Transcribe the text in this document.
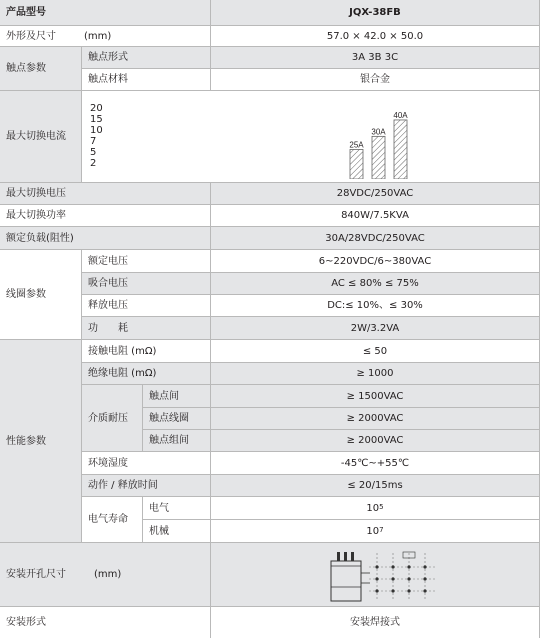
产品型号	JQX-38FB
外形及尺寸	(mm)	57.0 × 42.0 × 50.0
触点参数
触点形式	3A 3B 3C
触点材料	银合金
最大切换电流
20
15
10
7
5
2
25A
30A
40A
最大切换电压	28VDC/250VAC
最大切换功率	840W/7.5KVA
额定负载(阻性)	30A/28VDC/250VAC
线圈参数
额定电压	6~220VDC/6~380VAC
吸合电压	AC ≤ 80% ≤ 75%
释放电压	DC:≤ 10%、≤ 30%
功　　耗	2W/3.2VA
性能参数
接触电阻 (mΩ)	≤ 50
绝缘电阻 (mΩ)	≥ 1000
介质耐压
触点间	≥ 1500VAC
触点线圈	≥ 2000VAC
触点组间	≥ 2000VAC
环境湿度	-45℃~+55℃
动作 / 释放时间	≤ 20/15ms
电气寿命
电气	10 5
机械	10 7
安装开孔尺寸	(mm)
安装形式	安装焊接式
